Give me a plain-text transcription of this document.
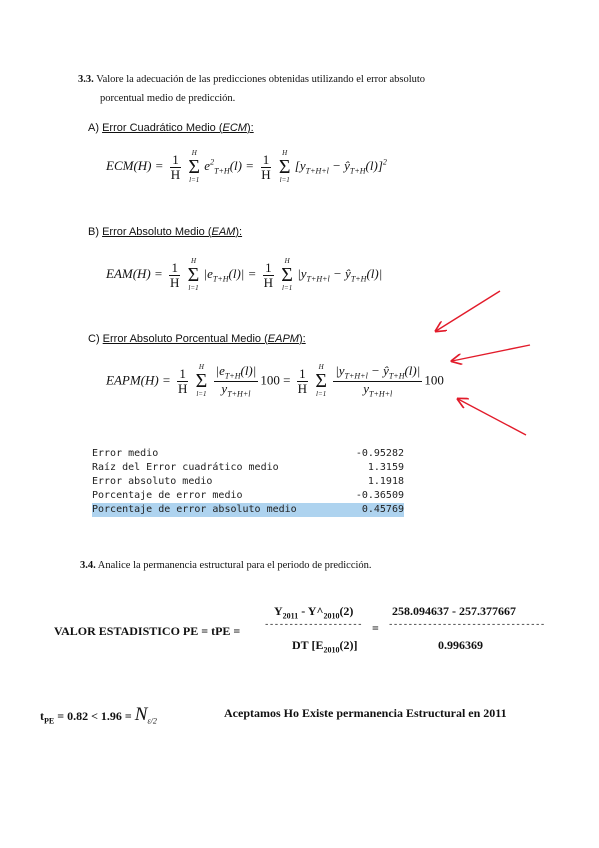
3.3. Valore la adecuación de las predicciones obtenidas utilizando el error absoluto
porcentual medio de predicción.
A) Error Cuadrático Medio (ECM):
$ECM(H) = \frac{1}{H}$
H
Σ
l=1
$e^2_{T+H}(l) = \frac{1}{H}$
H
Σ
l=1
[$y_{T+H+l}$ − $ŷ_{T+H}(l)]^2$
B) Error Absoluto Medio (EAM):
$EAM(H) = \frac{1}{H}$
H
Σ
l=1
$|e_{T+H}(l)| = \frac{1}{H}$
H
Σ
l=1
$|y_{T+H+l}$ − $ŷ_{T+H}(l)|$
C) Error Absoluto Porcentual Medio (EAPM):
EAPM(H) = $\frac{1}{H}$
H
Σ
l=1
$\frac{|e_{T+H}(l)|}{y_{T+H+l}} 100 = \frac{1}{H}$
H
Σ
l=1
$\frac{|y_{T+H+l} - ŷ_{T+H}(l)|}{y_{T+H+l}} 100$
Error medio	-0.95282
Raíz del Error cuadrático medio	1.3159
Error absoluto medio	1.1918
Porcentaje de error medio	-0.36509
Porcentaje de error absoluto medio	0.45769
3.4. Analice la permanencia estructural para el periodo de predicción.
VALOR ESTADISTICO PE = tPE =
$Y_{2011}$ - $Y\^{}_{2010}(2)$
-------------------- = --------------------------------
DT $[E_{2010}(2)]$
258.094637 - 257.377667
0.996369
$t_{PE} = 0.82 < 1.96 = N_{\varepsilon/2}$
Aceptamos Ho Existe permanencia Estructural en 2011
